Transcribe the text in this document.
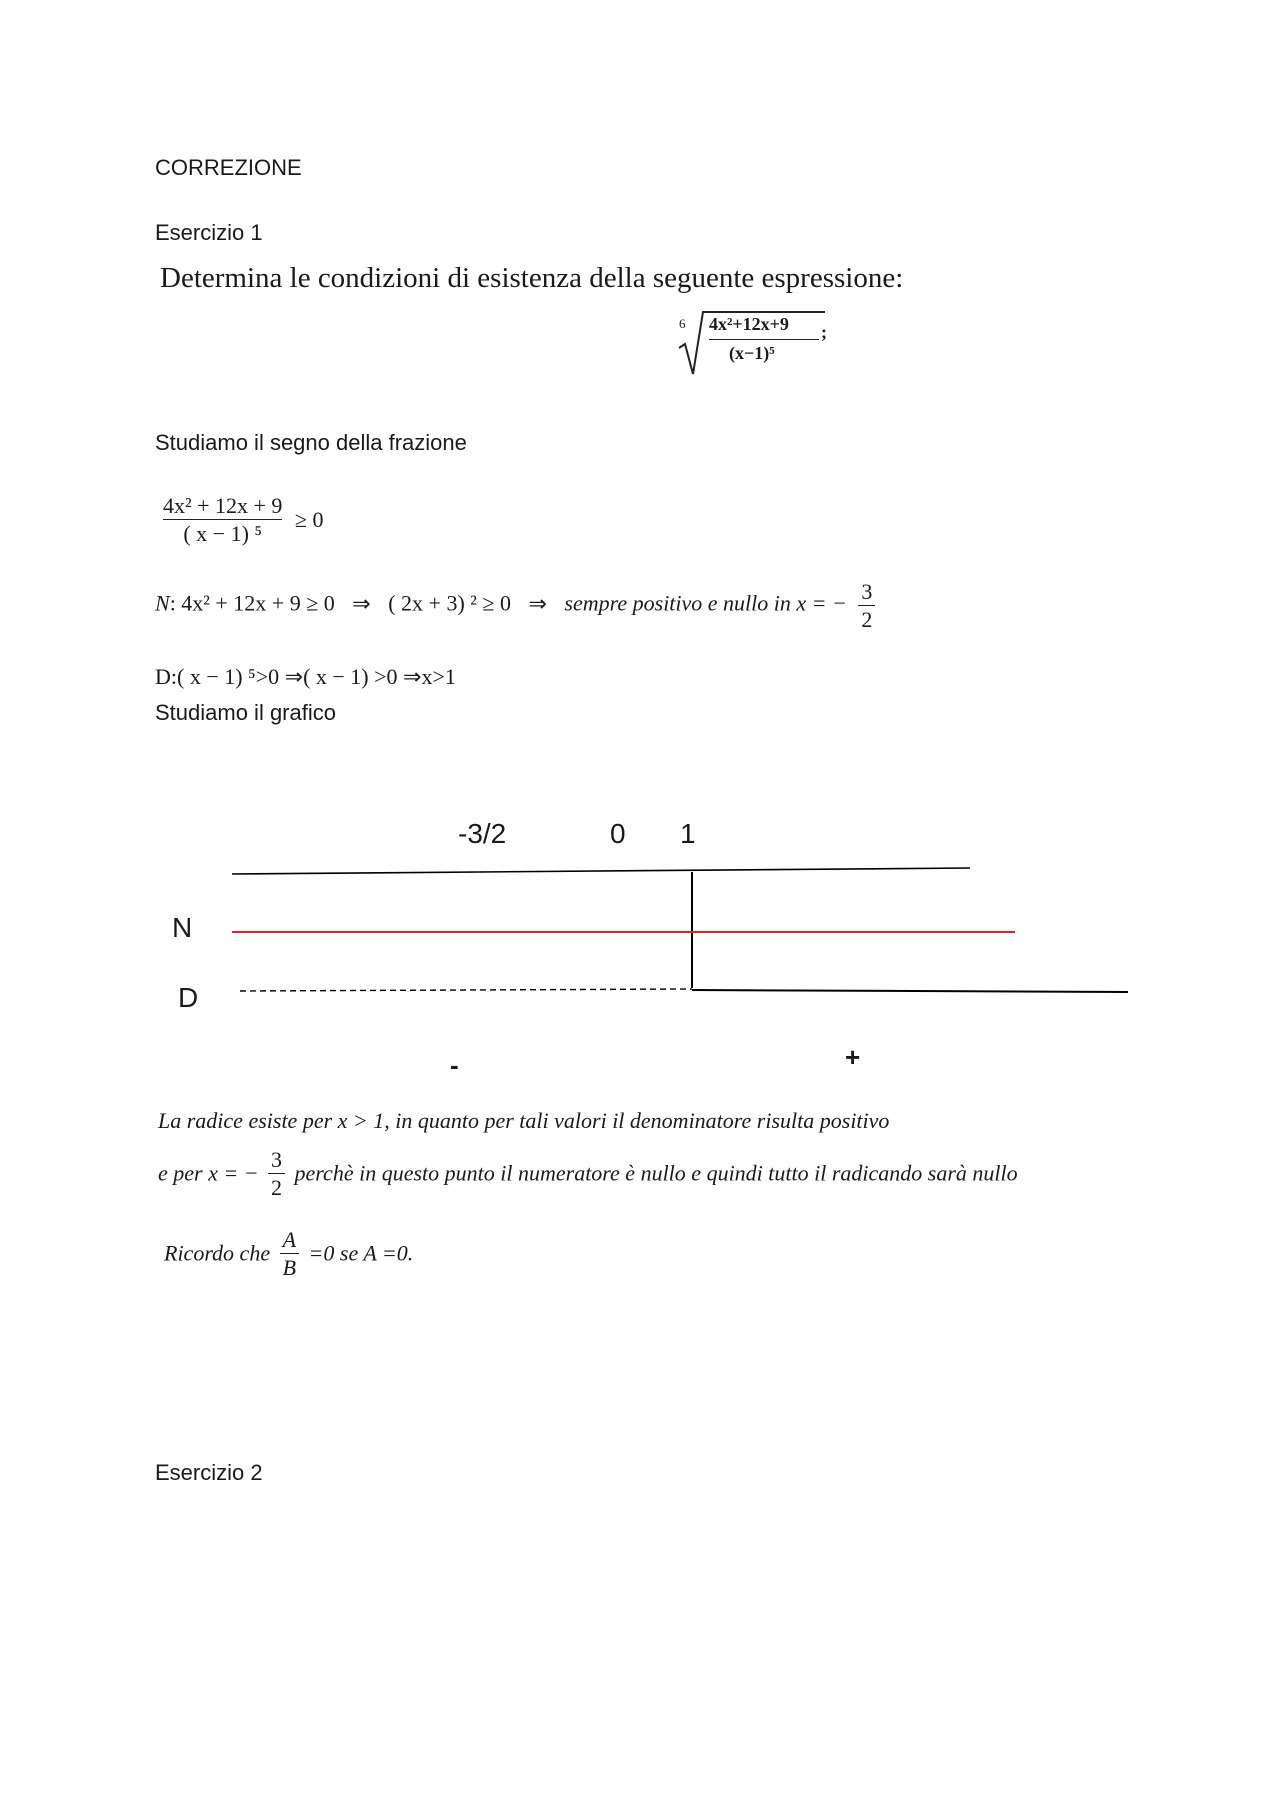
CORREZIONE
Esercizio 1
Determina le condizioni di esistenza della seguente espressione:
6 4x²+12x+9
(x−1)⁵
;
Studiamo il segno della frazione
$\frac{\text{4x² + 12x + 9}}{\text{( x − 1) ⁵}} \ge 0$
N: 4x² + 12x + 9 ≥ 0 ⇒ ( 2x + 3) ² ≥ 0 ⇒ sempre positivo e nullo in x = − $\frac{3}{2}$
D:( x − 1) ⁵>0 ⇒( x − 1) >0 ⇒x>1
Studiamo il grafico
-3/2	0 1
N
D
-	+
La radice esiste per x > 1, in quanto per tali valori il denominatore risulta positivo
e per x = − $\frac{3}{2}$ perchè in questo punto il numeratore è nullo e quindi tutto il radicando sarà nullo
Ricordo che $\frac{A}{B} =0$ se A =0.
Esercizio 2
